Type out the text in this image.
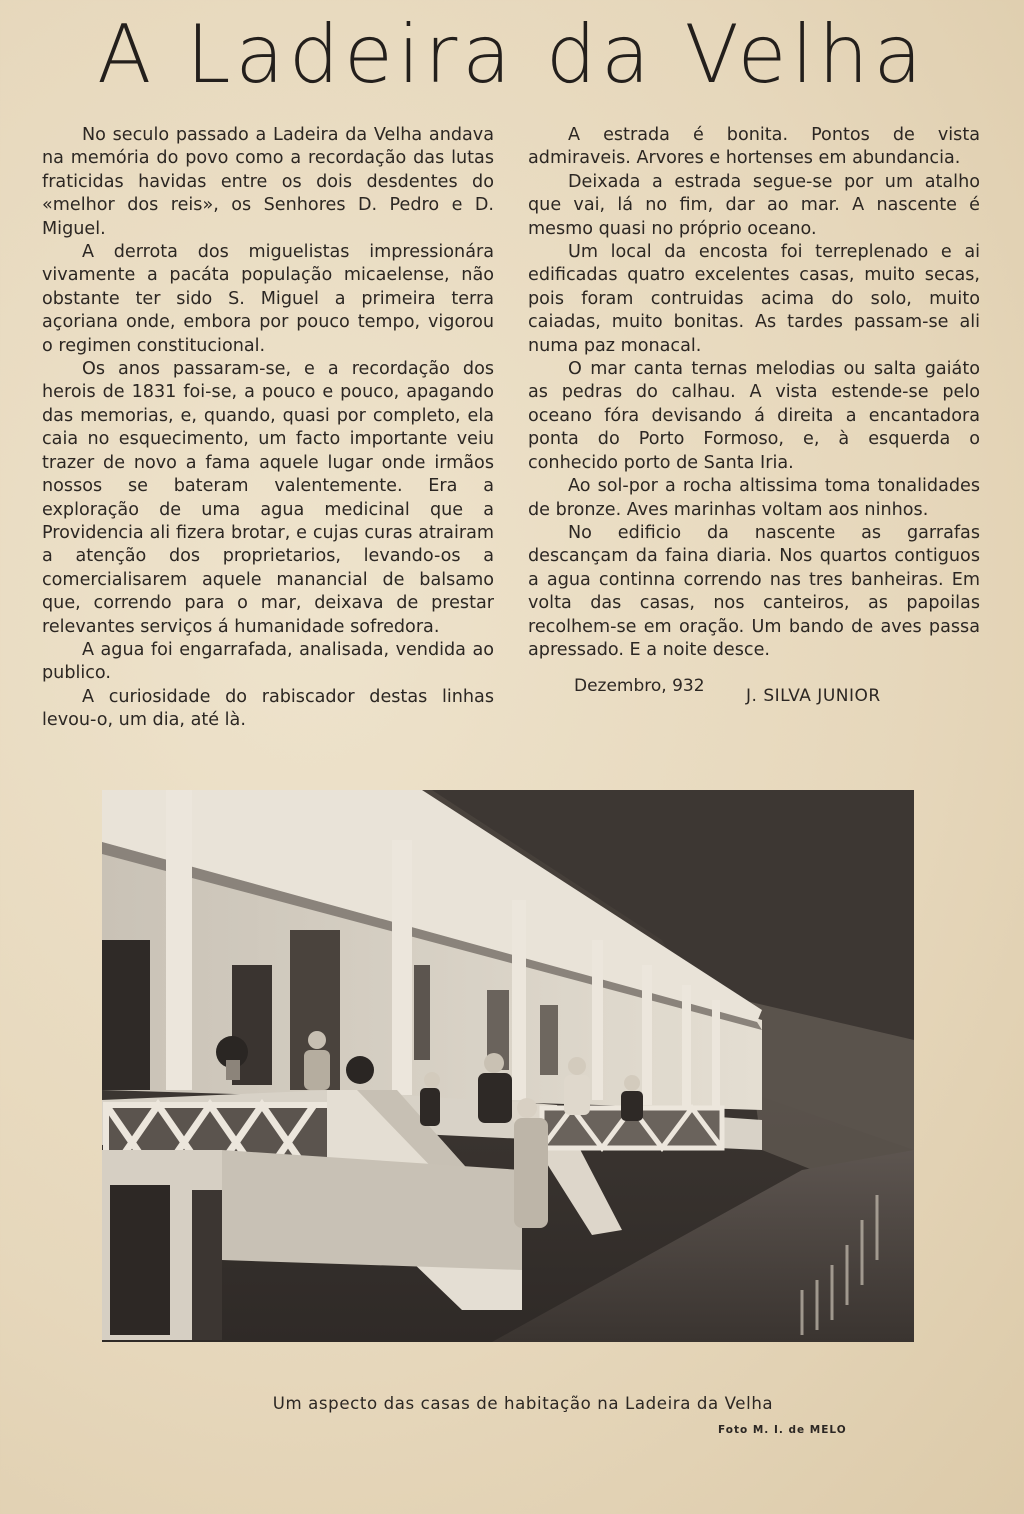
A Ladeira da Velha

No seculo passado a Ladeira da Velha andava na memória do povo como a recordação das lutas fraticidas havidas entre os dois desdentes do «melhor dos reis», os Senhores D. Pedro e D. Miguel.

A derrota dos miguelistas impressionára vivamente a pacáta população micaelense, não obstante ter sido S. Miguel a primeira terra açoriana onde, embora por pouco tempo, vigorou o regimen constitucional.

Os anos passaram-se, e a recordação dos herois de 1831 foi-se, a pouco e pouco, apagando das memorias, e, quando, quasi por completo, ela caia no esquecimento, um facto importante veiu trazer de novo a fama aquele lugar onde irmãos nossos se bateram valentemente. Era a exploração de uma agua medicinal que a Providencia ali fizera brotar, e cujas curas atrairam a atenção dos proprietarios, levando-os a comercialisarem aquele manancial de balsamo que, correndo para o mar, deixava de prestar relevantes serviços á humanidade sofredora.

A agua foi engarrafada, analisada, vendida ao publico.

A curiosidade do rabiscador destas linhas levou-o, um dia, até là.

A estrada é bonita. Pontos de vista admiraveis. Arvores e hortenses em abundancia.

Deixada a estrada segue-se por um atalho que vai, lá no fim, dar ao mar. A nascente é mesmo quasi no próprio oceano.

Um local da encosta foi terreplenado e ai edificadas quatro excelentes casas, muito secas, pois foram contruidas acima do solo, muito caiadas, muito bonitas. As tardes passam-se ali numa paz monacal.

O mar canta ternas melodias ou salta gaiáto as pedras do calhau. A vista estende-se pelo oceano fóra devisando á direita a encantadora ponta do Porto Formoso, e, à esquerda o conhecido porto de Santa Iria.

Ao sol-por a rocha altissima toma tonalidades de bronze. Aves marinhas voltam aos ninhos.

No edificio da nascente as garrafas descançam da faina diaria. Nos quartos contiguos a agua continna correndo nas tres banheiras. Em volta das casas, nos canteiros, as papoilas recolhem-se em oração. Um bando de aves passa apressado. E a noite desce.

Dezembro, 932	J. SILVA JUNIOR
Um aspecto das casas de habitação na Ladeira da Velha
Foto M. I. de MELO
